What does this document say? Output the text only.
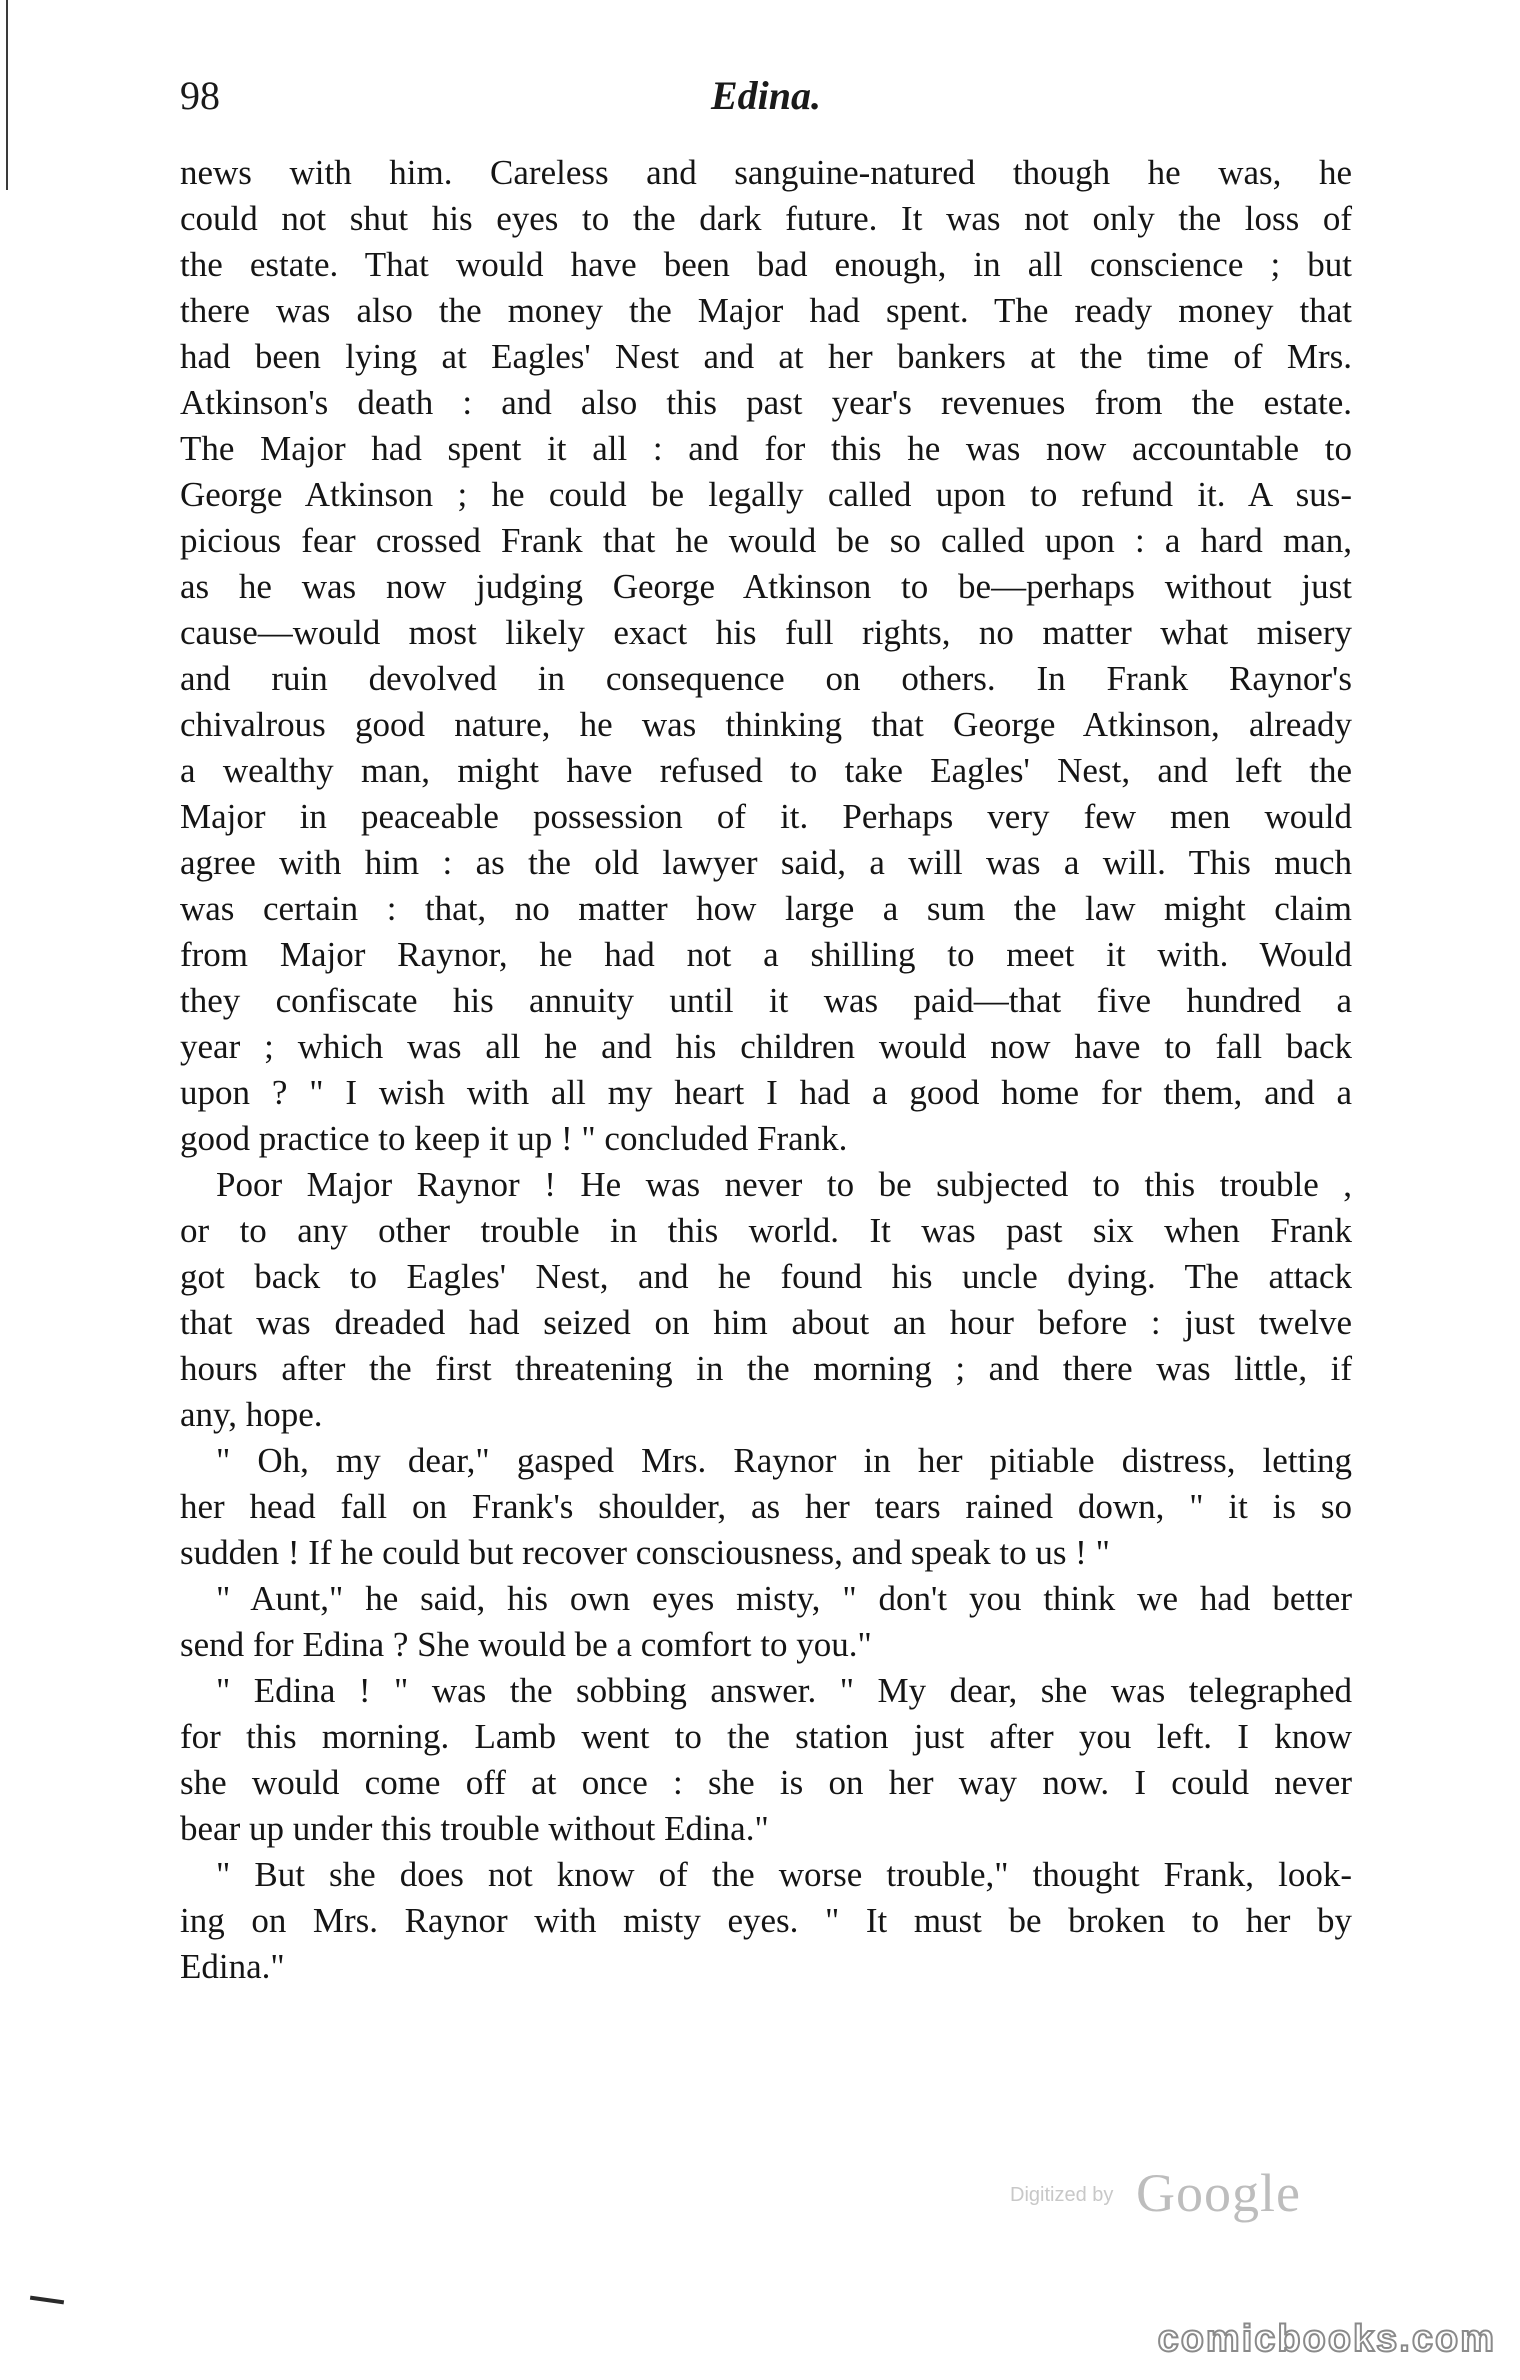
98	Edina.
news with him. Careless and sanguine-natured though he was, he
could not shut his eyes to the dark future. It was not only the loss of
the estate. That would have been bad enough, in all conscience ; but
there was also the money the Major had spent. The ready money that
had been lying at Eagles' Nest and at her bankers at the time of Mrs.
Atkinson's death : and also this past year's revenues from the estate.
The Major had spent it all : and for this he was now accountable to
George Atkinson ; he could be legally called upon to refund it. A sus-
picious fear crossed Frank that he would be so called upon : a hard man,
as he was now judging George Atkinson to be—perhaps without just
cause—would most likely exact his full rights, no matter what misery
and ruin devolved in consequence on others. In Frank Raynor's
chivalrous good nature, he was thinking that George Atkinson, already
a wealthy man, might have refused to take Eagles' Nest, and left the
Major in peaceable possession of it. Perhaps very few men would
agree with him : as the old lawyer said, a will was a will. This much
was certain : that, no matter how large a sum the law might claim
from Major Raynor, he had not a shilling to meet it with. Would
they confiscate his annuity until it was paid—that five hundred a
year ; which was all he and his children would now have to fall back
upon ? " I wish with all my heart I had a good home for them, and a
good practice to keep it up ! " concluded Frank.
Poor Major Raynor ! He was never to be subjected to this trouble ,
or to any other trouble in this world. It was past six when Frank
got back to Eagles' Nest, and he found his uncle dying. The attack
that was dreaded had seized on him about an hour before : just twelve
hours after the first threatening in the morning ; and there was little, if
any, hope.
" Oh, my dear," gasped Mrs. Raynor in her pitiable distress, letting
her head fall on Frank's shoulder, as her tears rained down, " it is so
sudden ! If he could but recover consciousness, and speak to us ! "
" Aunt," he said, his own eyes misty, " don't you think we had better
send for Edina ? She would be a comfort to you."
" Edina ! " was the sobbing answer. " My dear, she was telegraphed
for this morning. Lamb went to the station just after you left. I know
she would come off at once : she is on her way now. I could never
bear up under this trouble without Edina."
" But she does not know of the worse trouble," thought Frank, look-
ing on Mrs. Raynor with misty eyes. " It must be broken to her by
Edina."
Digitized by Google
comicbooks.com
